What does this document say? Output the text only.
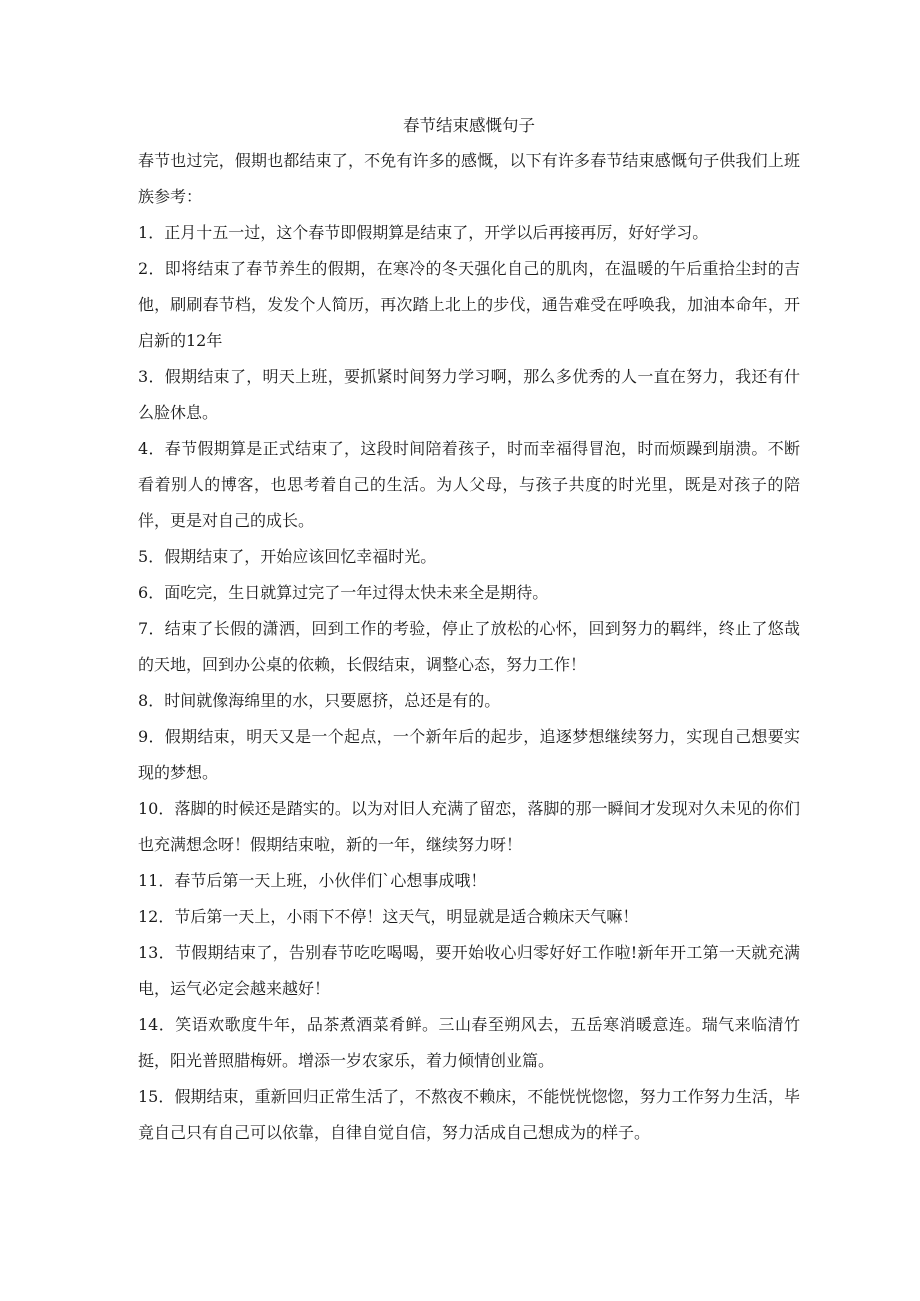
春节结束感慨句子

春节也过完，假期也都结束了，不免有许多的感慨，以下有许多春节结束感慨句子供我们上班族参考：

1．正月十五一过，这个春节即假期算是结束了，开学以后再接再厉，好好学习。

2．即将结束了春节养生的假期，在寒冷的冬天强化自己的肌肉，在温暖的午后重拾尘封的吉他，刷刷春节档，发发个人简历，再次踏上北上的步伐，通告难受在呼唤我，加油本命年，开启新的12年

3．假期结束了，明天上班，要抓紧时间努力学习啊，那么多优秀的人一直在努力，我还有什么脸休息。

4．春节假期算是正式结束了，这段时间陪着孩子，时而幸福得冒泡，时而烦躁到崩溃。不断看着别人的博客，也思考着自己的生活。为人父母，与孩子共度的时光里，既是对孩子的陪伴，更是对自己的成长。

5．假期结束了，开始应该回忆幸福时光。

6．面吃完，生日就算过完了一年过得太快未来全是期待。

7．结束了长假的潇洒，回到工作的考验，停止了放松的心怀，回到努力的羁绊，终止了悠哉的天地，回到办公桌的依赖，长假结束，调整心态，努力工作！

8．时间就像海绵里的水，只要愿挤，总还是有的。

9．假期结束，明天又是一个起点，一个新年后的起步，追逐梦想继续努力，实现自己想要实现的梦想。

10．落脚的时候还是踏实的。以为对旧人充满了留恋，落脚的那一瞬间才发现对久未见的你们也充满想念呀！假期结束啦，新的一年，继续努力呀！

11．春节后第一天上班，小伙伴们`心想事成哦！

12．节后第一天上，小雨下不停！这天气，明显就是适合赖床天气嘛！

13．节假期结束了，告别春节吃吃喝喝，要开始收心归零好好工作啦!新年开工第一天就充满电，运气必定会越来越好！

14．笑语欢歌度牛年，品茶煮酒菜肴鲜。三山春至朔风去，五岳寒消暖意连。瑞气来临清竹挺，阳光普照腊梅妍。增添一岁农家乐，着力倾情创业篇。

15．假期结束，重新回归正常生活了，不熬夜不赖床，不能恍恍惚惚，努力工作努力生活，毕竟自己只有自己可以依靠，自律自觉自信，努力活成自己想成为的样子。
